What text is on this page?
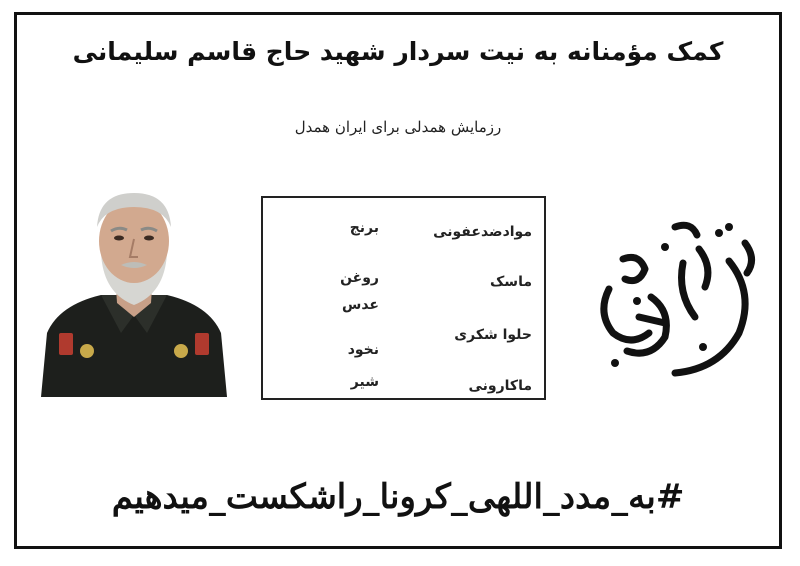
کمک مؤمنانه به نیت سردار شهید حاج قاسم سلیمانی
رزمایش همدلی برای ایران همدل
موادضدعفونی
ماسک
حلوا شکری
ماکارونی
برنج
روغن
عدس
نخود
شیر
#به_مدد_اللهی_کرونا_راشکست_میدهیم
